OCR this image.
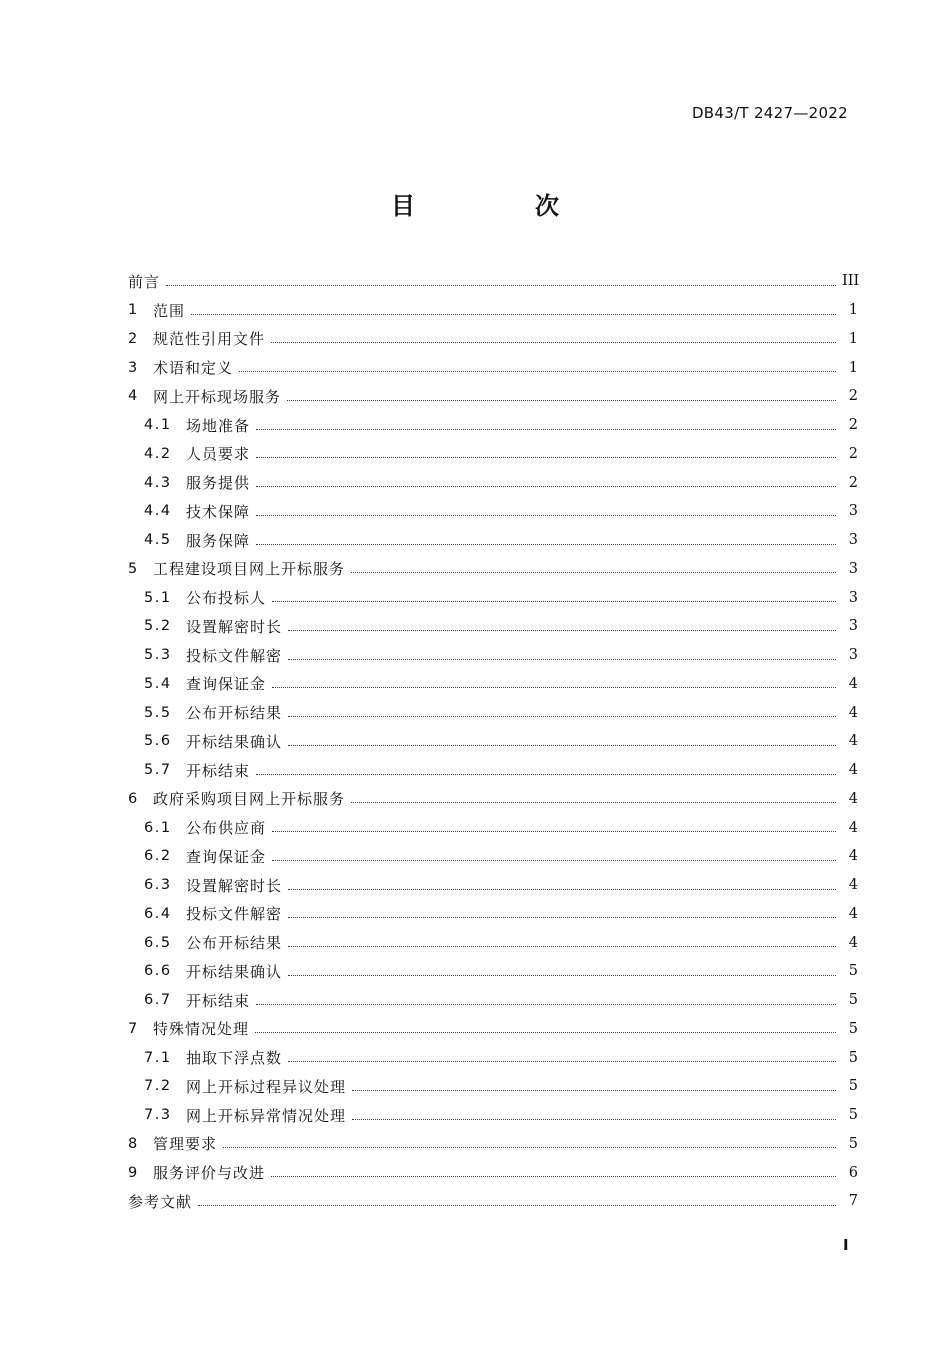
DB43/T 2427—2022
目　次
前言	III
1	范围	1
2	规范性引用文件	1
3	术语和定义	1
4	网上开标现场服务	2
4.1 场地准备	2
4.2 人员要求	2
4.3 服务提供	2
4.4 技术保障	3
4.5 服务保障	3
5	工程建设项目网上开标服务	3
5.1 公布投标人	3
5.2 设置解密时长	3
5.3 投标文件解密	3
5.4 查询保证金	4
5.5 公布开标结果	4
5.6 开标结果确认	4
5.7 开标结束	4
6	政府采购项目网上开标服务	4
6.1 公布供应商	4
6.2 查询保证金	4
6.3 设置解密时长	4
6.4 投标文件解密	4
6.5 公布开标结果	4
6.6 开标结果确认	5
6.7 开标结束	5
7	特殊情况处理	5
7.1 抽取下浮点数	5
7.2 网上开标过程异议处理	5
7.3 网上开标异常情况处理	5
8	管理要求	5
9	服务评价与改进	6
参考文献	7
I
